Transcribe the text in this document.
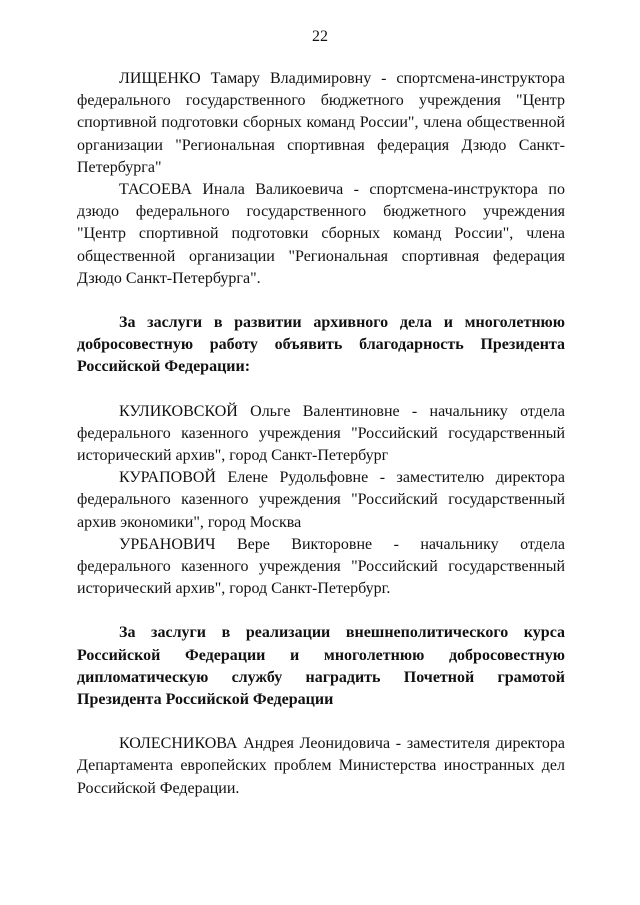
22

ЛИЩЕНКО Тамару Владимировну - спортсмена-инструктора федерального государственного бюджетного учреждения "Центр спортивной подготовки сборных команд России", члена общественной организации "Региональная спортивная федерация Дзюдо Санкт-Петербурга"

ТАСОЕВА Инала Валикоевича - спортсмена-инструктора по дзюдо федерального государственного бюджетного учреждения "Центр спортивной подготовки сборных команд России", члена общественной организации "Региональная спортивная федерация Дзюдо Санкт-Петербурга".

За заслуги в развитии архивного дела и многолетнюю добросовестную работу объявить благодарность Президента Российской Федерации:

КУЛИКОВСКОЙ Ольге Валентиновне - начальнику отдела федерального казенного учреждения "Российский государственный исторический архив", город Санкт-Петербург

КУРАПОВОЙ Елене Рудольфовне - заместителю директора федерального казенного учреждения "Российский государственный архив экономики", город Москва

УРБАНОВИЧ Вере Викторовне - начальнику отдела федерального казенного учреждения "Российский государственный исторический архив", город Санкт-Петербург.

За заслуги в реализации внешнеполитического курса Российской Федерации и многолетнюю добросовестную дипломатическую службу наградить Почетной грамотой Президента Российской Федерации

КОЛЕСНИКОВА Андрея Леонидовича - заместителя директора Департамента европейских проблем Министерства иностранных дел Российской Федерации.
